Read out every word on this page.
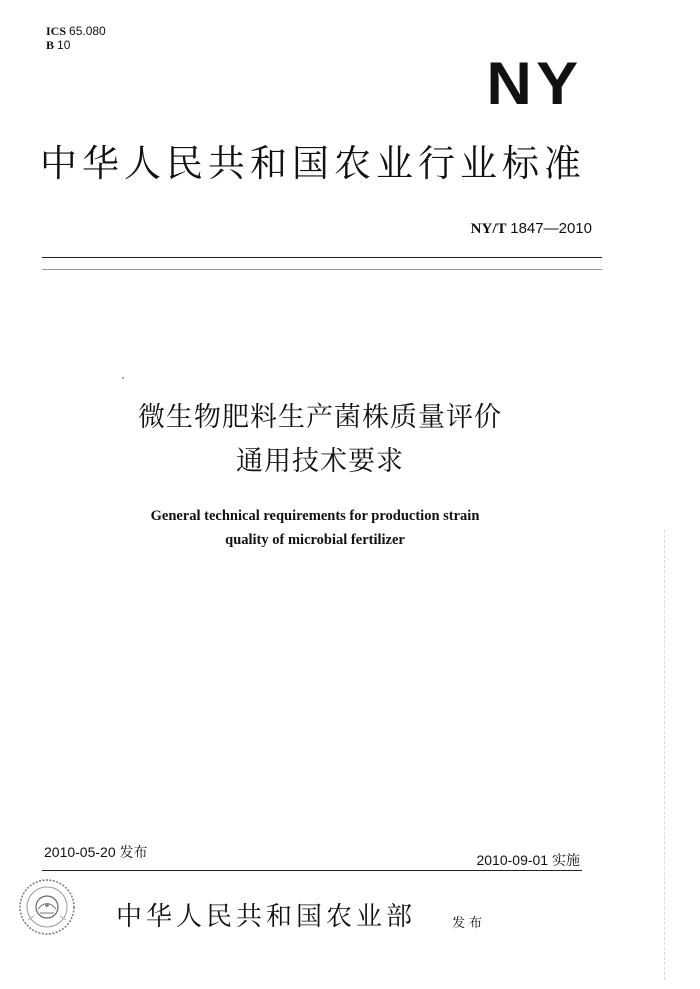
ICS 65.080
B 10
NY
中华人民共和国农业行业标准
NY/T 1847—2010
微生物肥料生产菌株质量评价
通用技术要求
General technical requirements for production strain
quality of microbial fertilizer
2010-05-20 发布	2010-09-01 实施
中华人民共和国农业部	发布
